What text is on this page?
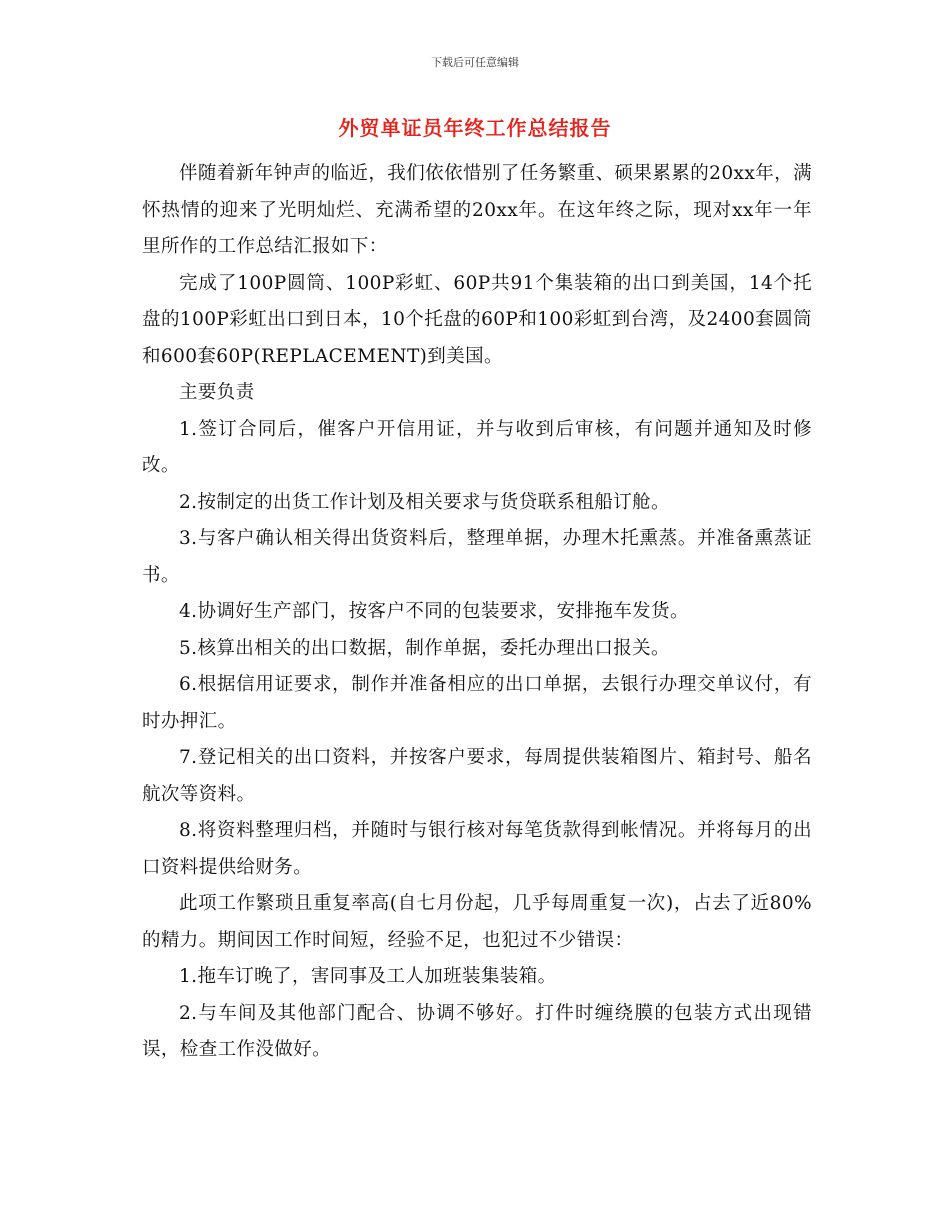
下载后可任意编辑
外贸单证员年终工作总结报告

伴随着新年钟声的临近，我们依依惜别了任务繁重、硕果累累的20xx年，满怀热情的迎来了光明灿烂、充满希望的20xx年。在这年终之际，现对xx年一年里所作的工作总结汇报如下：

完成了100P圆筒、100P彩虹、60P共91个集装箱的出口到美国，14个托盘的100P彩虹出口到日本，10个托盘的60P和100彩虹到台湾，及2400套圆筒和600套60P(REPLACEMENT)到美国。

主要负责

1.签订合同后，催客户开信用证，并与收到后审核，有问题并通知及时修改。

2.按制定的出货工作计划及相关要求与货贷联系租船订舱。

3.与客户确认相关得出货资料后，整理单据，办理木托熏蒸。并准备熏蒸证书。

4.协调好生产部门，按客户不同的包装要求，安排拖车发货。

5.核算出相关的出口数据，制作单据，委托办理出口报关。

6.根据信用证要求，制作并准备相应的出口单据，去银行办理交单议付，有时办押汇。

7.登记相关的出口资料，并按客户要求，每周提供装箱图片、箱封号、船名航次等资料。

8.将资料整理归档，并随时与银行核对每笔货款得到帐情况。并将每月的出口资料提供给财务。

此项工作繁琐且重复率高(自七月份起，几乎每周重复一次)，占去了近80%的精力。期间因工作时间短，经验不足，也犯过不少错误：

1.拖车订晚了，害同事及工人加班装集装箱。

2.与车间及其他部门配合、协调不够好。打件时缠绕膜的包装方式出现错误，检查工作没做好。
